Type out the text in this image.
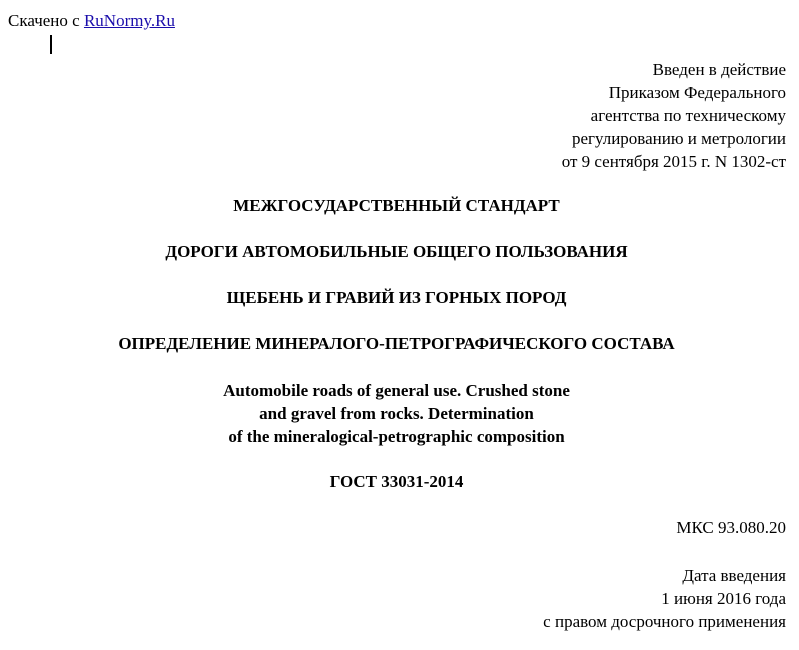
Скачено с RuNormy.Ru
Введен в действие
Приказом Федерального
агентства по техническому
регулированию и метрологии
от 9 сентября 2015 г. N 1302-ст
МЕЖГОСУДАРСТВЕННЫЙ СТАНДАРТ
ДОРОГИ АВТОМОБИЛЬНЫЕ ОБЩЕГО ПОЛЬЗОВАНИЯ
ЩЕБЕНЬ И ГРАВИЙ ИЗ ГОРНЫХ ПОРОД
ОПРЕДЕЛЕНИЕ МИНЕРАЛОГО-ПЕТРОГРАФИЧЕСКОГО СОСТАВА
Automobile roads of general use. Crushed stone
and gravel from rocks. Determination
of the mineralogical-petrographic composition
ГОСТ 33031-2014
МКС 93.080.20
Дата введения
1 июня 2016 года
с правом досрочного применения
